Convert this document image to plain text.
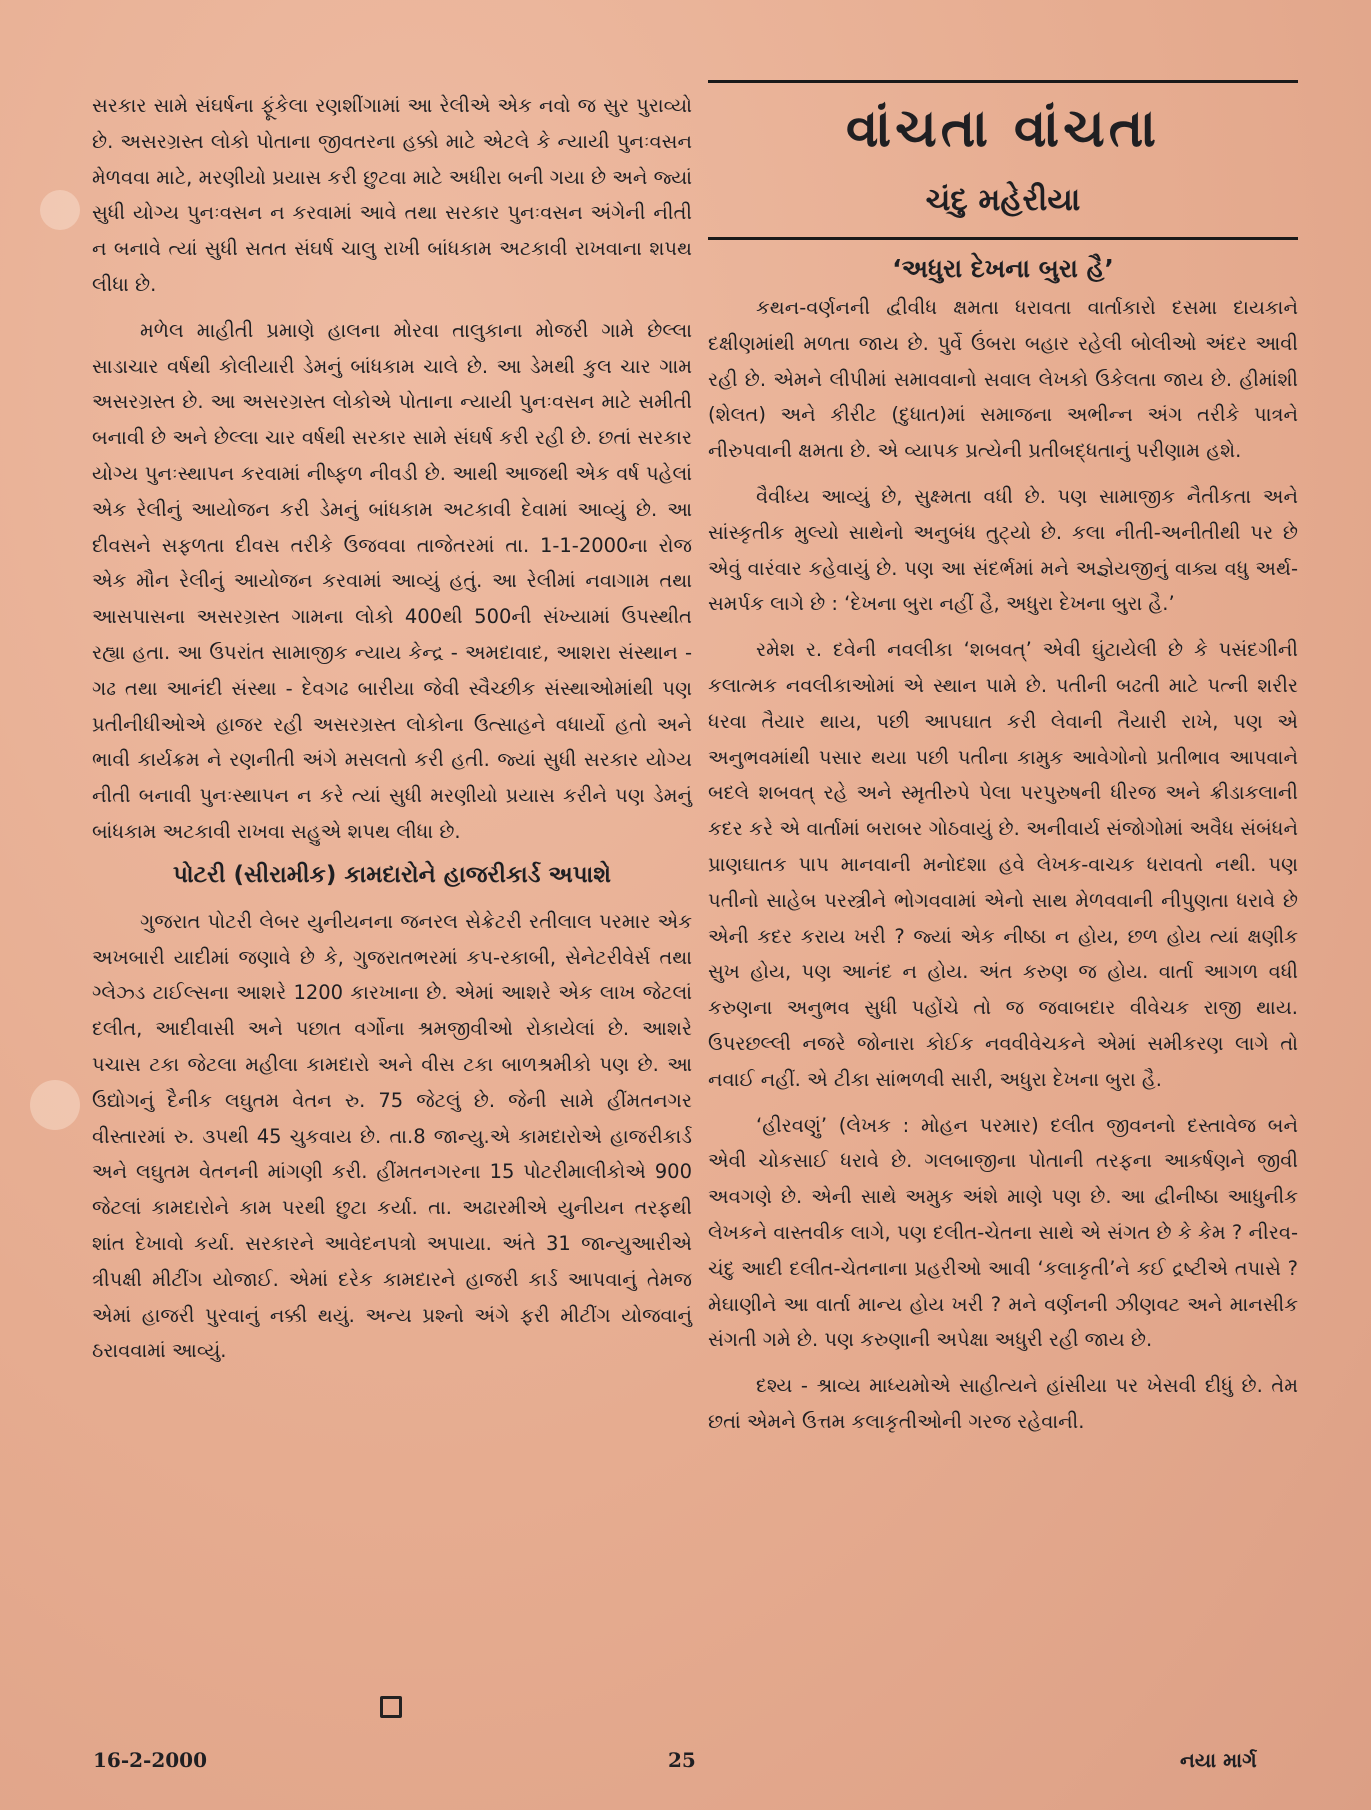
સરકાર સામે સંઘર્ષના ફૂંકેલા રણશીંગામાં આ રેલીએ એક નવો જ સુર પુરાવ્યો છે. અસરગ્રસ્ત લોકો પોતાના જીવતરના હક્કો માટે એટલે કે ન્યાયી પુનઃવસન મેળવવા માટે, મરણીયો પ્રયાસ કરી છુટવા માટે અધીરા બની ગયા છે અને જ્યાં સુધી યોગ્ય પુનઃવસન ન કરવામાં આવે તથા સરકાર પુનઃવસન અંગેની નીતી ન બનાવે ત્યાં સુધી સતત સંઘર્ષ ચાલુ રાખી બાંધકામ અટકાવી રાખવાના શપથ લીધા છે.

મળેલ માહીતી પ્રમાણે હાલના મોરવા તાલુકાના મોજરી ગામે છેલ્લા સાડાચાર વર્ષથી કોલીયારી ડેમનું બાંધકામ ચાલે છે. આ ડેમથી કુલ ચાર ગામ અસરગ્રસ્ત છે. આ અસરગ્રસ્ત લોકોએ પોતાના ન્યાયી પુનઃવસન માટે સમીતી બનાવી છે અને છેલ્લા ચાર વર્ષથી સરકાર સામે સંઘર્ષ કરી રહી છે. છતાં સરકાર યોગ્ય પુનઃસ્થાપન કરવામાં નીષ્ફળ નીવડી છે. આથી આજથી એક વર્ષ પહેલાં એક રેલીનું આયોજન કરી ડેમનું બાંધકામ અટકાવી દેવામાં આવ્યું છે. આ દીવસને સફળતા દીવસ તરીકે ઉજવવા તાજેતરમાં તા. 1-1-2000ના રોજ એક મૌન રેલીનું આયોજન કરવામાં આવ્યું હતું. આ રેલીમાં નવાગામ તથા આસપાસના અસરગ્રસ્ત ગામના લોકો 400થી 500ની સંખ્યામાં ઉપસ્થીત રહ્યા હતા. આ ઉપરાંત સામાજીક ન્યાય કેન્દ્ર - અમદાવાદ, આશરા સંસ્થાન - ગઢ તથા આનંદી સંસ્થા - દેવગઢ બારીયા જેવી સ્વૈચ્છીક સંસ્થાઓમાંથી પણ પ્રતીનીધીઓએ હાજર રહી અસરગ્રસ્ત લોકોના ઉત્સાહને વધાર્યો હતો અને ભાવી કાર્યક્રમ ને રણનીતી અંગે મસલતો કરી હતી. જ્યાં સુધી સરકાર યોગ્ય નીતી બનાવી પુનઃસ્થાપન ન કરે ત્યાં સુધી મરણીયો પ્રયાસ કરીને પણ ડેમનું બાંધકામ અટકાવી રાખવા સહુએ શપથ લીધા છે.

પોટરી (સીરામીક) કામદારોને હાજરીકાર્ડ અપાશે

ગુજરાત પોટરી લેબર યુનીયનના જનરલ સેક્રેટરી રતીલાલ પરમાર એક અખબારી યાદીમાં જણાવે છે કે, ગુજરાતભરમાં કપ-રકાબી, સેનેટરીવેર્સ તથા ગ્લેઝ્ડ ટાઈલ્સના આશરે 1200 કારખાના છે. એમાં આશરે એક લાખ જેટલાં દલીત, આદીવાસી અને પછાત વર્ગોના શ્રમજીવીઓ રોકાયેલાં છે. આશરે પચાસ ટકા જેટલા મહીલા કામદારો અને વીસ ટકા બાળશ્રમીકો પણ છે. આ ઉદ્યોગનું દૈનીક લઘુતમ વેતન રુ. 75 જેટલું છે. જેની સામે હીંમતનગર વીસ્તારમાં રુ. ૩૫થી 45 ચુકવાય છે. તા.8 જાન્યુ.એ કામદારોએ હાજરીકાર્ડ અને લઘુતમ વેતનની માંગણી કરી. હીંમતનગરના 15 પોટરીમાલીકોએ 900 જેટલાં કામદારોને કામ પરથી છુટા કર્યા. તા. અઢારમીએ યુનીયન તરફથી શાંત દેખાવો કર્યા. સરકારને આવેદનપત્રો અપાયા. અંતે 31 જાન્યુઆરીએ ત્રીપક્ષી મીટીંગ યોજાઈ. એમાં દરેક કામદારને હાજરી કાર્ડ આપવાનું તેમજ એમાં હાજરી પુરવાનું નક્કી થયું. અન્ય પ્રશ્નો અંગે ફરી મીટીંગ યોજવાનું ઠરાવવામાં આવ્યું.

વાંચતા વાંચતા
ચંદુ મહેરીયા
‘અધુરા દેખના બુરા હૈ’

કથન-વર્ણનની દ્વીવીધ ક્ષમતા ધરાવતા વાર્તાકારો દસમા દાયકાને દક્ષીણમાંથી મળતા જાય છે. પુર્વે ઉંબરા બહાર રહેલી બોલીઓ અંદર આવી રહી છે. એમને લીપીમાં સમાવવાનો સવાલ લેખકો ઉકેલતા જાય છે. હીમાંશી (શેલત) અને કીરીટ (દુધાત)માં સમાજના અભીન્ન અંગ તરીકે પાત્રને નીરુપવાની ક્ષમતા છે. એ વ્યાપક પ્રત્યેની પ્રતીબદ્ધતાનું પરીણામ હશે.

વૈવીધ્ય આવ્યું છે, સુક્ષ્મતા વધી છે. પણ સામાજીક નૈતીકતા અને સાંસ્કૃતીક મુલ્યો સાથેનો અનુબંધ તુટ્યો છે. કલા નીતી-અનીતીથી પર છે એવું વારંવાર કહેવાયું છે. પણ આ સંદર્ભમાં મને અજ્ઞેયજીનું વાક્ય વધુ અર્થ-સમર્પક લાગે છે : ‘દેખના બુરા નહીં હૈ, અધુરા દેખના બુરા હૈ.’

રમેશ ર. દવેની નવલીકા ‘શબવત્’ એવી ઘુંટાયેલી છે કે પસંદગીની કલાત્મક નવલીકાઓમાં એ સ્થાન પામે છે. પતીની બઢતી માટે પત્ની શરીર ધરવા તૈયાર થાય, પછી આપઘાત કરી લેવાની તૈયારી રાખે, પણ એ અનુભવમાંથી પસાર થયા પછી પતીના કામુક આવેગોનો પ્રતીભાવ આપવાને બદલે શબવત્ રહે અને સ્મૃતીરુપે પેલા પરપુરુષની ધીરજ અને ક્રીડાકલાની કદર કરે એ વાર્તામાં બરાબર ગોઠવાયું છે. અનીવાર્ય સંજોગોમાં અવૈધ સંબંધને પ્રાણઘાતક પાપ માનવાની મનોદશા હવે લેખક-વાચક ધરાવતો નથી. પણ પતીનો સાહેબ પરસ્ત્રીને ભોગવવામાં એનો સાથ મેળવવાની નીપુણતા ધરાવે છે એની કદર કરાય ખરી ? જ્યાં એક નીષ્ઠા ન હોય, છળ હોય ત્યાં ક્ષણીક સુખ હોય, પણ આનંદ ન હોય. અંત કરુણ જ હોય. વાર્તા આગળ વધી કરુણના અનુભવ સુધી પહોંચે તો જ જવાબદાર વીવેચક રાજી થાય. ઉપરછલ્લી નજરે જોનારા કોઈક નવવીવેચકને એમાં સમીકરણ લાગે તો નવાઈ નહીં. એ ટીકા સાંભળવી સારી, અધુરા દેખના બુરા હૈ.

‘હીરવણું’ (લેખક : મોહન પરમાર) દલીત જીવનનો દસ્તાવેજ બને એવી ચોકસાઈ ધરાવે છે. ગલબાજીના પોતાની તરફના આકર્ષણને જીવી અવગણે છે. એની સાથે અમુક અંશે માણે પણ છે. આ દ્વીનીષ્ઠા આધુનીક લેખકને વાસ્તવીક લાગે, પણ દલીત-ચેતના સાથે એ સંગત છે કે કેમ ? નીરવ-ચંદુ આદી દલીત-ચેતનાના પ્રહરીઓ આવી ‘કલાકૃતી’ને કઈ દ્રષ્ટીએ તપાસે ? મેઘાણીને આ વાર્તા માન્ય હોય ખરી ? મને વર્ણનની ઝીણવટ અને માનસીક સંગતી ગમે છે. પણ કરુણાની અપેક્ષા અધુરી રહી જાય છે.

દશ્ય - શ્રાવ્ય માધ્યમોએ સાહીત્યને હાંસીયા પર ખેસવી દીધું છે. તેમ છતાં એમને ઉત્તમ કલાકૃતીઓની ગરજ રહેવાની.

16-2-2000	25	નયા માર્ગ
